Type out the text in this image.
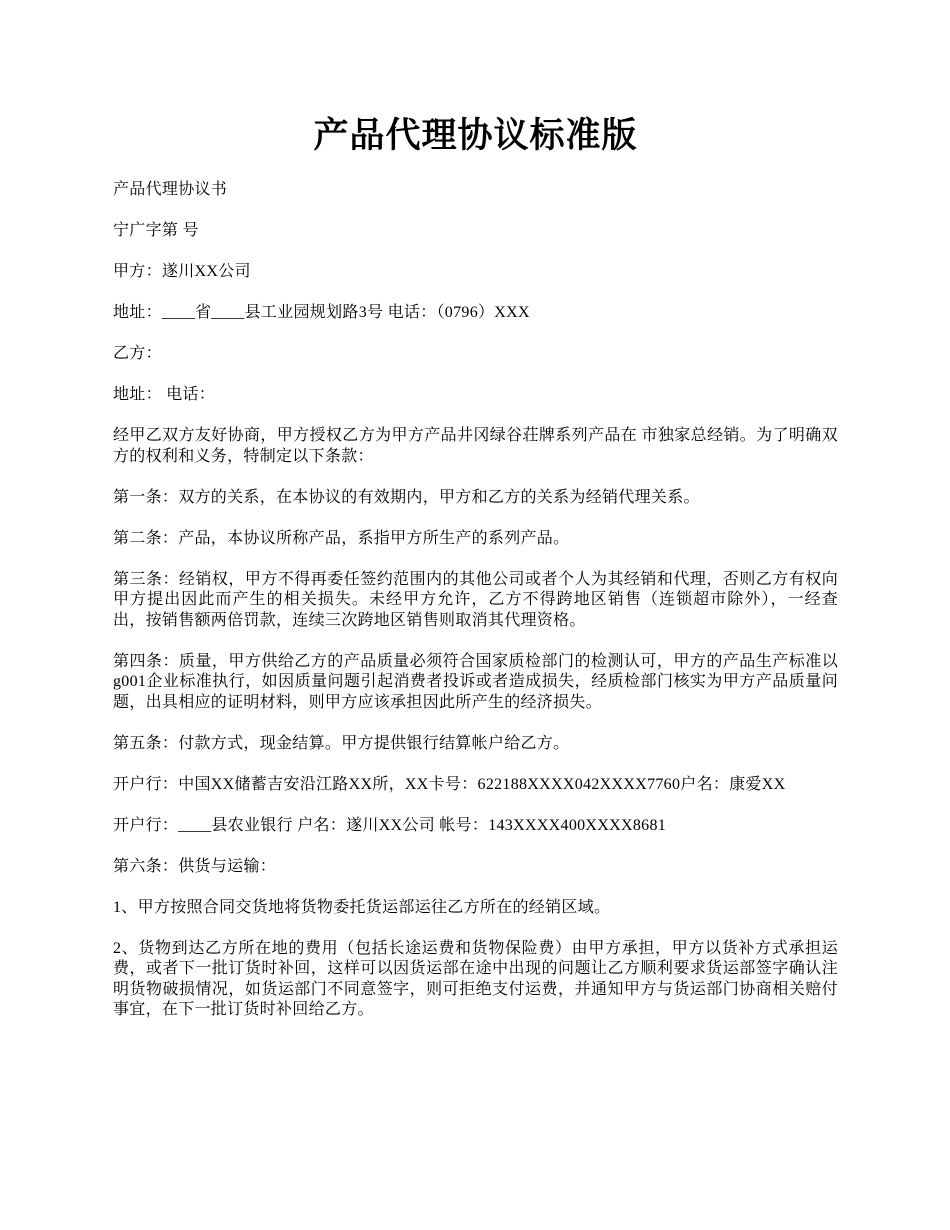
产品代理协议标准版

产品代理协议书

宁广字第 号

甲方：遂川XX公司

地址：____省____县工业园规划路3号 电话：（0796）XXX

乙方：

地址： 电话：

经甲乙双方友好协商，甲方授权乙方为甲方产品井冈绿谷荘牌系列产品在 市独家总经销。为了明确双方的权利和义务，特制定以下条款：

第一条：双方的关系，在本协议的有效期内，甲方和乙方的关系为经销代理关系。

第二条：产品，本协议所称产品，系指甲方所生产的系列产品。

第三条：经销权，甲方不得再委任签约范围内的其他公司或者个人为其经销和代理，否则乙方有权向甲方提出因此而产生的相关损失。未经甲方允许，乙方不得跨地区销售（连锁超市除外），一经查出，按销售额两倍罚款，连续三次跨地区销售则取消其代理资格。

第四条：质量，甲方供给乙方的产品质量必须符合国家质检部门的检测认可，甲方的产品生产标准以g001企业标准执行，如因质量问题引起消费者投诉或者造成损失，经质检部门核实为甲方产品质量问题，出具相应的证明材料，则甲方应该承担因此所产生的经济损失。

第五条：付款方式，现金结算。甲方提供银行结算帐户给乙方。

开户行：中国XX储蓄吉安沿江路XX所，XX卡号：622188XXXX042XXXX7760户名：康爱XX

开户行：____县农业银行 户名：遂川XX公司 帐号：143XXXX400XXXX8681

第六条：供货与运输：

1、甲方按照合同交货地将货物委托货运部运往乙方所在的经销区域。

2、货物到达乙方所在地的费用（包括长途运费和货物保险费）由甲方承担，甲方以货补方式承担运费，或者下一批订货时补回，这样可以因货运部在途中出现的问题让乙方顺利要求货运部签字确认注明货物破损情况，如货运部门不同意签字，则可拒绝支付运费，并通知甲方与货运部门协商相关赔付事宜，在下一批订货时补回给乙方。
